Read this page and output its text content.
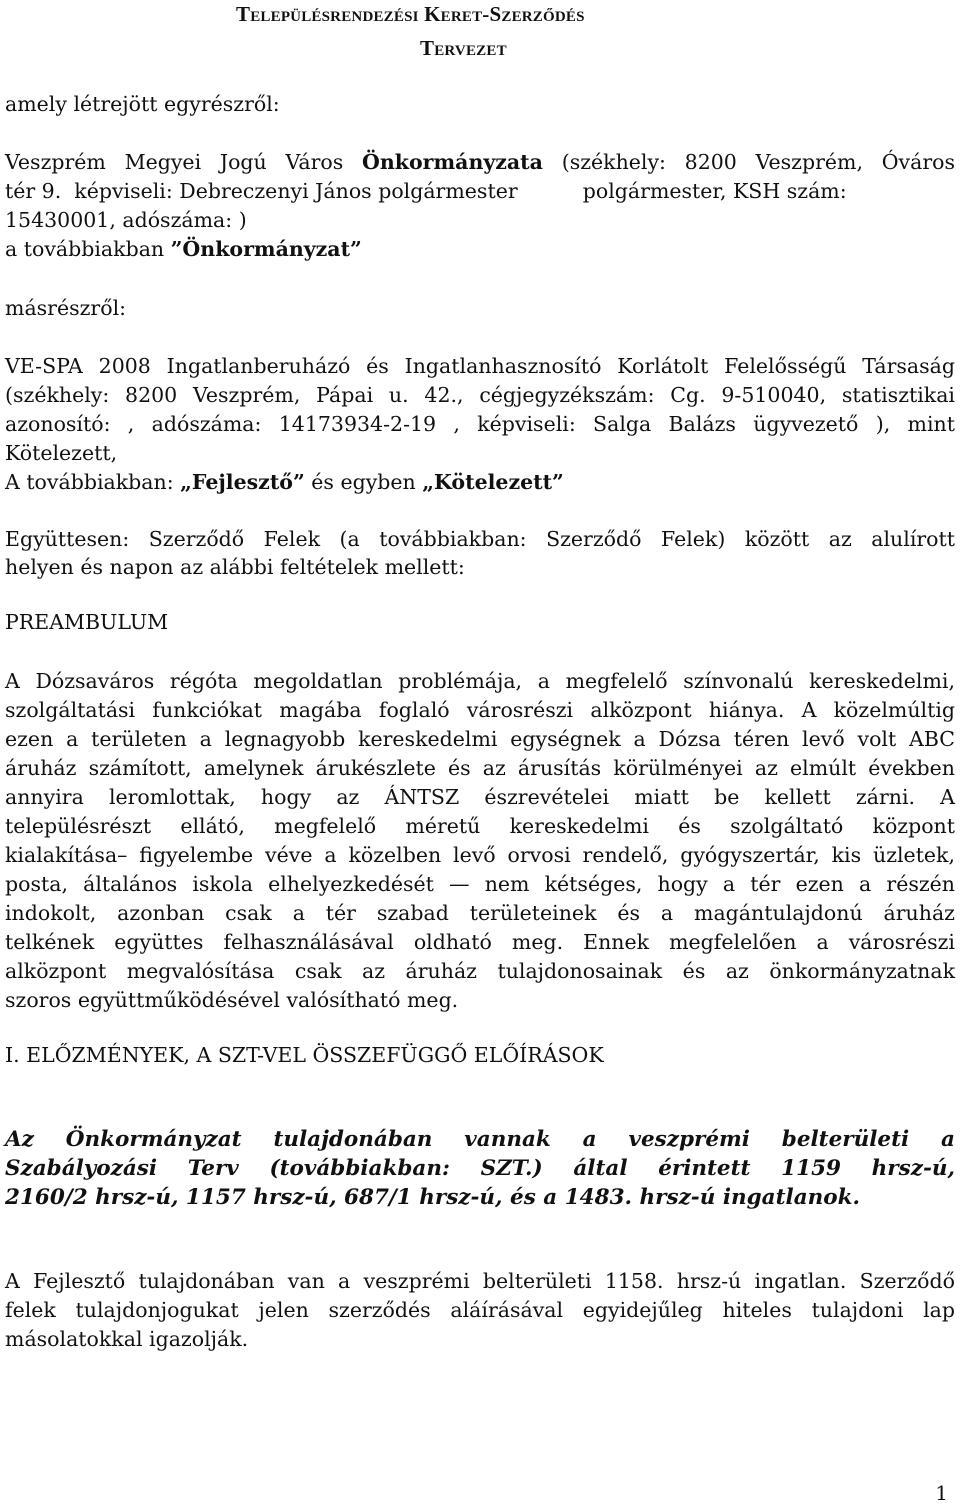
Településrendezési Keret-Szerződés
Tervezet
amely létrejött egyrészről:
Veszprém Megyei Jogú Város Önkormányzata (székhely: 8200 Veszprém, Óváros
tér 9.  képviseli: Debreczenyi János polgármester          polgármester, KSH szám:
15430001, adószáma: )
a továbbiakban ”Önkormányzat”
másrészről:
VE-SPA 2008 Ingatlanberuházó és Ingatlanhasznosító Korlátolt Felelősségű Társaság
(székhely: 8200 Veszprém, Pápai u. 42., cégjegyzékszám: Cg. 9-510040, statisztikai
azonosító: , adószáma: 14173934-2-19 , képviseli: Salga Balázs ügyvezető ), mint
Kötelezett,
A továbbiakban: „Fejlesztő” és egyben „Kötelezett”
Együttesen: Szerződő Felek (a továbbiakban: Szerződő Felek) között az alulírott
helyen és napon az alábbi feltételek mellett:
PREAMBULUM
A Dózsaváros régóta megoldatlan problémája, a megfelelő színvonalú kereskedelmi,
szolgáltatási funkciókat magába foglaló városrészi alközpont hiánya. A közelmúltig
ezen a területen a legnagyobb kereskedelmi egységnek a Dózsa téren levő volt ABC
áruház számított, amelynek árukészlete és az árusítás körülményei az elmúlt években
annyira leromlottak, hogy az ÁNTSZ észrevételei miatt be kellett zárni. A
településrészt ellátó, megfelelő méretű kereskedelmi és szolgáltató központ
kialakítása– figyelembe véve a közelben levő orvosi rendelő, gyógyszertár, kis üzletek,
posta, általános iskola elhelyezkedését — nem kétséges, hogy a tér ezen a részén
indokolt, azonban csak a tér szabad területeinek és a magántulajdonú áruház
telkének együttes felhasználásával oldható meg. Ennek megfelelően a városrészi
alközpont megvalósítása csak az áruház tulajdonosainak és az önkormányzatnak
szoros együttműködésével valósítható meg.
I. ELŐZMÉNYEK, A SZT-VEL ÖSSZEFÜGGŐ ELŐÍRÁSOK
Az Önkormányzat tulajdonában vannak a veszprémi belterületi a
Szabályozási Terv (továbbiakban: SZT.) által érintett 1159 hrsz-ú,
2160/2 hrsz-ú, 1157 hrsz-ú, 687/1 hrsz-ú, és a 1483. hrsz-ú ingatlanok.
A Fejlesztő tulajdonában van a veszprémi belterületi 1158. hrsz-ú ingatlan. Szerződő
felek tulajdonjogukat jelen szerződés aláírásával egyidejűleg hiteles tulajdoni lap
másolatokkal igazolják.
1
